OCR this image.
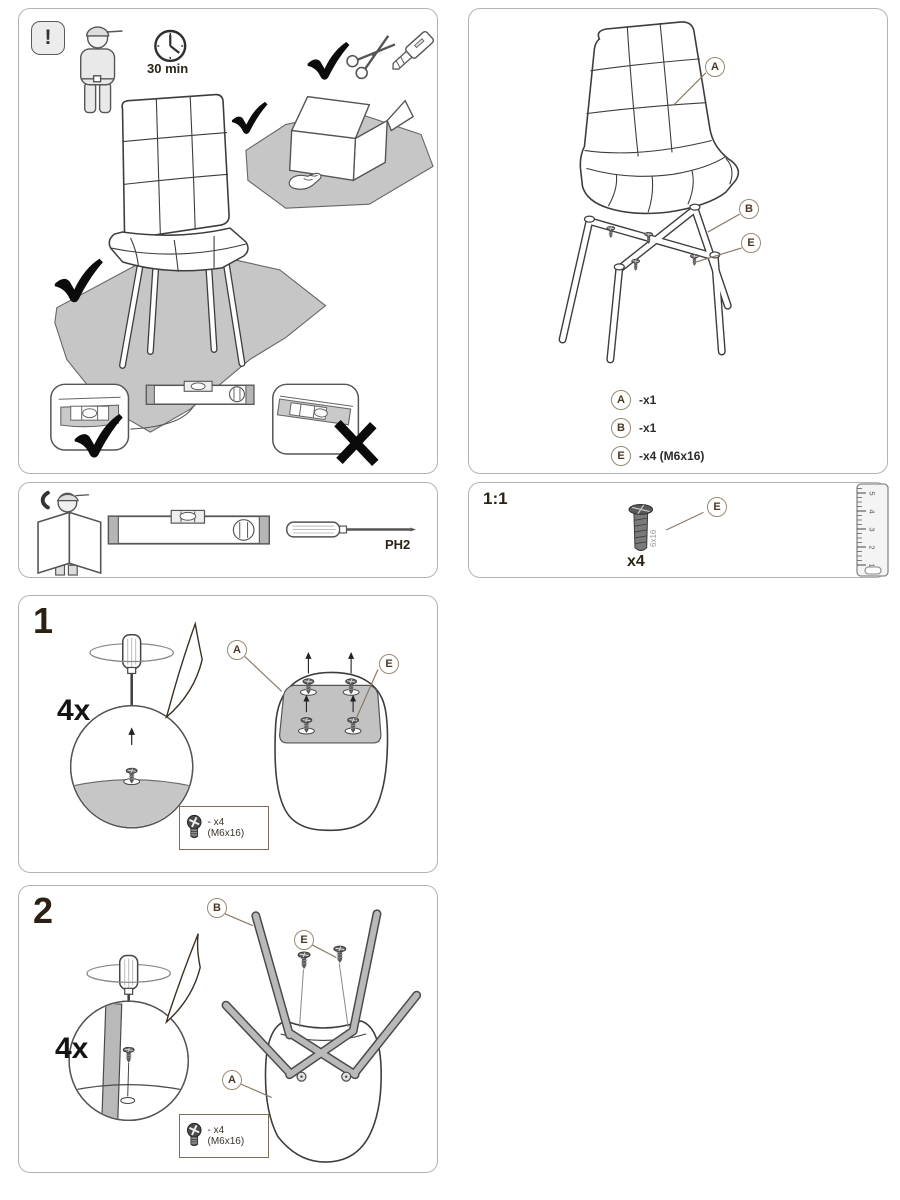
!
30 min
PH2
A
B
E
A	-x1
B	-x1
E	-x4 (М6х16)
1:1
6x16
x4
E
5
4
3
2
1
1
4x
A
E
- x4 (М6х16)
2
4x
B
E
A
- x4 (М6х16)
